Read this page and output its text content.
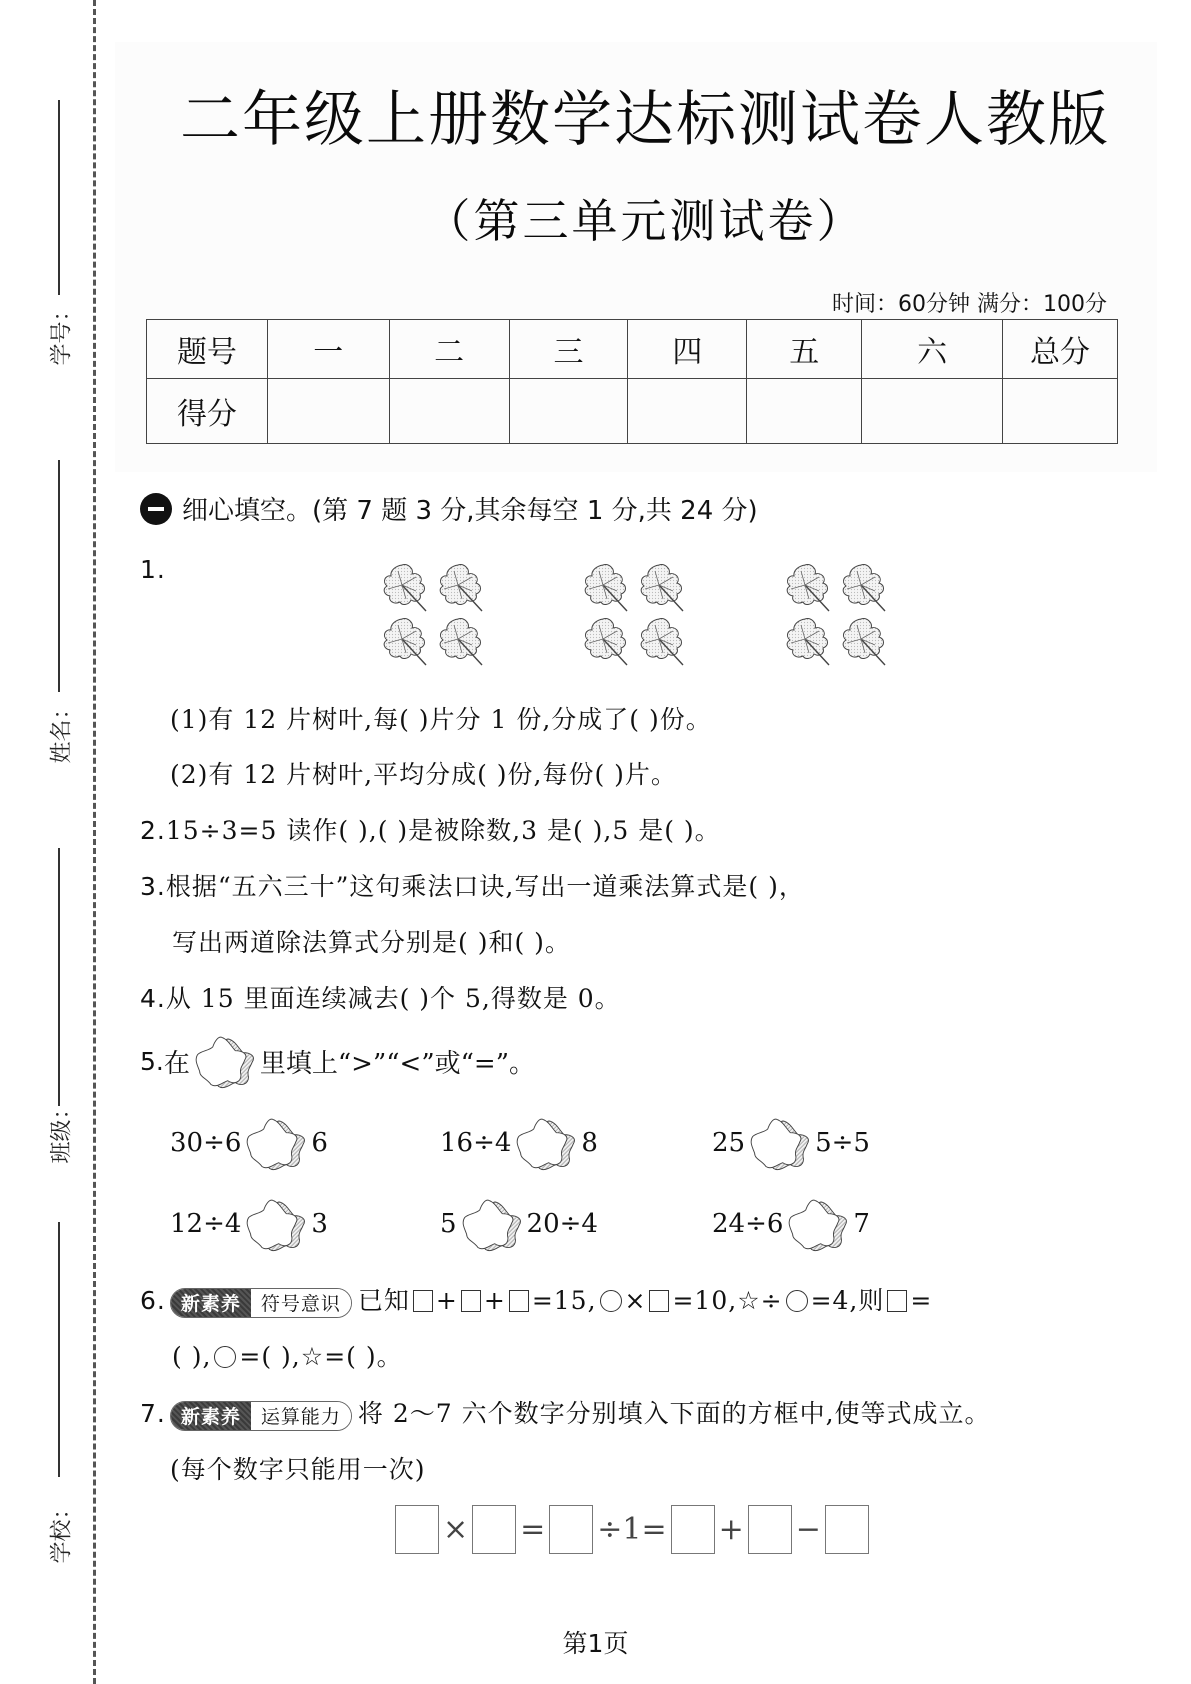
学号：
姓名：
班级：
学校：
二年级上册数学达标测试卷人教版
（第三单元测试卷）
时间：60分钟 满分：100分
题号	一	二	三	四	五	六	总分
得分							
细心填空。(第 7 题 3 分,其余每空 1 分,共 24 分)
1.
(1)有 12 片树叶,每( )片分 1 份,分成了( )份。
(2)有 12 片树叶,平均分成( )份,每份( )片。
2.15÷3=5 读作( ),( )是被除数,3 是( ),5 是( )。
3.根据“五六三十”这句乘法口诀,写出一道乘法算式是( )，
写出两道除法算式分别是( )和( )。
4.从 15 里面连续减去( )个 5,得数是 0。
5. 在	里填上“>”“<”或“=”。
30÷6	6	16÷4	8	25	5÷5
12÷4	3	5	20÷4	24÷6	7
6. 新素养	符号意识 已知 + + =15, × =10,☆÷ =4,则 =
( ), =( ),☆=( )。
7. 新素养	运算能力 将 2～7 六个数字分别填入下面的方框中,使等式成立。
(每个数字只能用一次)
× = ÷1= + −
第1页
